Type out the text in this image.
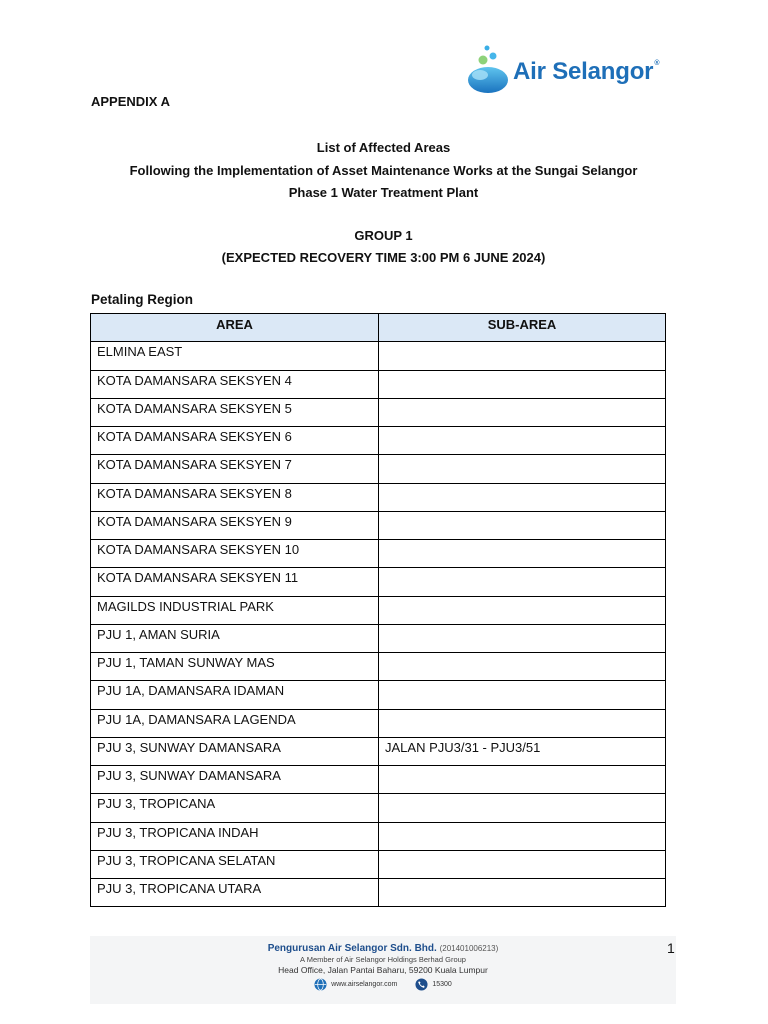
Air Selangor®
APPENDIX A
List of Affected Areas
Following the Implementation of Asset Maintenance Works at the Sungai Selangor
Phase 1 Water Treatment Plant
GROUP 1
(EXPECTED RECOVERY TIME 3:00 PM 6 JUNE 2024)
Petaling Region
AREA	SUB-AREA
ELMINA EAST	
KOTA DAMANSARA SEKSYEN 4	
KOTA DAMANSARA SEKSYEN 5	
KOTA DAMANSARA SEKSYEN 6	
KOTA DAMANSARA SEKSYEN 7	
KOTA DAMANSARA SEKSYEN 8	
KOTA DAMANSARA SEKSYEN 9	
KOTA DAMANSARA SEKSYEN 10	
KOTA DAMANSARA SEKSYEN 11	
MAGILDS INDUSTRIAL PARK	
PJU 1, AMAN SURIA	
PJU 1, TAMAN SUNWAY MAS	
PJU 1A, DAMANSARA IDAMAN	
PJU 1A, DAMANSARA LAGENDA	
PJU 3, SUNWAY DAMANSARA	JALAN PJU3/31 - PJU3/51
PJU 3, SUNWAY DAMANSARA	
PJU 3, TROPICANA	
PJU 3, TROPICANA INDAH	
PJU 3, TROPICANA SELATAN	
PJU 3, TROPICANA UTARA	
Pengurusan Air Selangor Sdn. Bhd. (201401006213)
A Member of Air Selangor Holdings Berhad Group
Head Office, Jalan Pantai Baharu, 59200 Kuala Lumpur
www.airselangor.com	15300
1
